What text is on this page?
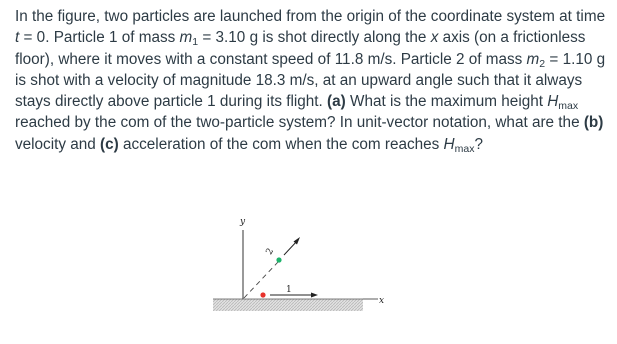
In the figure, two particles are launched from the origin of the coordinate system at time t = 0. Particle 1 of mass $m_1 = 3.10$ g is shot directly along the x axis (on a frictionless floor), where it moves with a constant speed of 11.8 m/s. Particle 2 of mass $m_2 = 1.10$ g is shot with a velocity of magnitude 18.3 m/s, at an upward angle such that it always stays directly above particle 1 during its flight. (a) What is the maximum height $H_{max}$ reached by the com of the two-particle system? In unit-vector notation, what are the (b) velocity and (c) acceleration of the com when the com reaches $H_{max}$?

x
y
1
2
